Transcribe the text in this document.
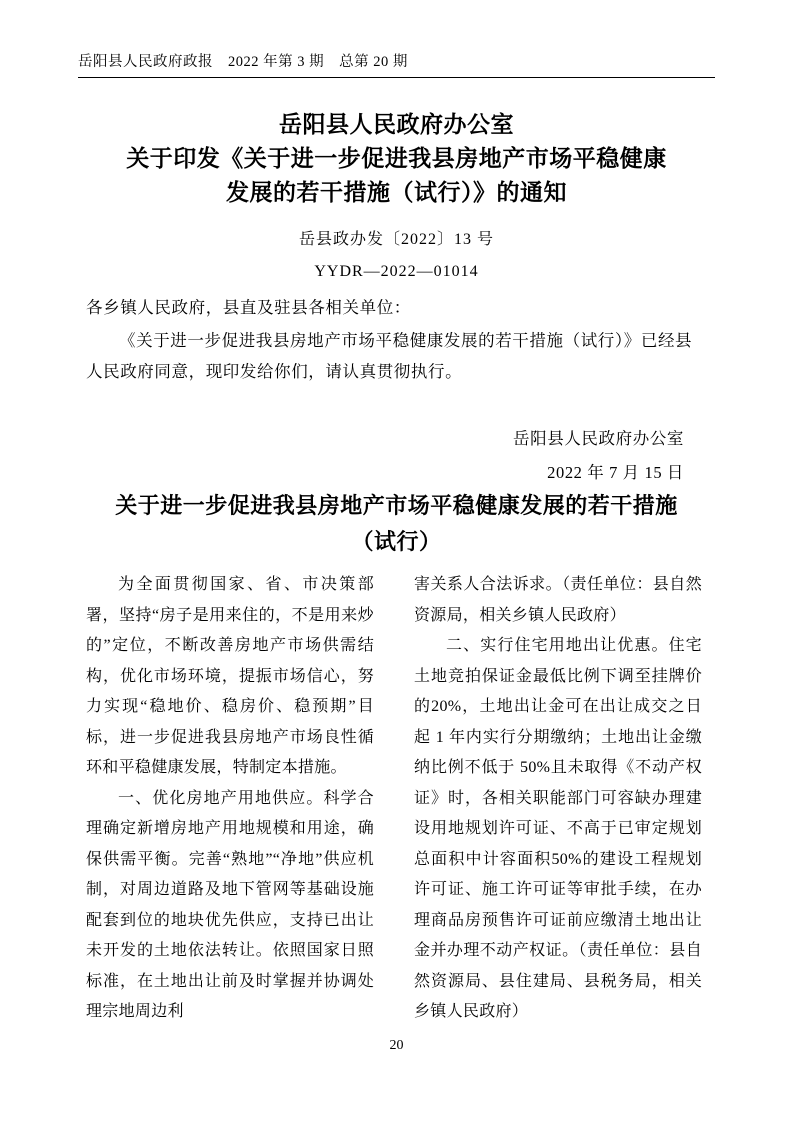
岳阳县人民政府政报　2022 年第 3 期　总第 20 期
岳阳县人民政府办公室
关于印发《关于进一步促进我县房地产市场平稳健康
发展的若干措施（试行）》的通知
岳县政办发〔2022〕13 号
YYDR—2022—01014

各乡镇人民政府，县直及驻县各相关单位：

《关于进一步促进我县房地产市场平稳健康发展的若干措施（试行）》已经县人民政府同意，现印发给你们，请认真贯彻执行。

岳阳县人民政府办公室
2022 年 7 月 15 日
关于进一步促进我县房地产市场平稳健康发展的若干措施
（试行）

为全面贯彻国家、省、市决策部署，坚持“房子是用来住的，不是用来炒的”定位，不断改善房地产市场供需结构，优化市场环境，提振市场信心，努力实现“稳地价、稳房价、稳预期”目标，进一步促进我县房地产市场良性循环和平稳健康发展，特制定本措施。

一、优化房地产用地供应。科学合理确定新增房地产用地规模和用途，确保供需平衡。完善“熟地”“净地”供应机制，对周边道路及地下管网等基础设施配套到位的地块优先供应，支持已出让未开发的土地依法转让。依照国家日照标准，在土地出让前及时掌握并协调处理宗地周边利

害关系人合法诉求。（责任单位：县自然资源局，相关乡镇人民政府）

二、实行住宅用地出让优惠。住宅土地竞拍保证金最低比例下调至挂牌价的20%，土地出让金可在出让成交之日起 1 年内实行分期缴纳；土地出让金缴纳比例不低于 50%且未取得《不动产权证》时，各相关职能部门可容缺办理建设用地规划许可证、不高于已审定规划总面积中计容面积50%的建设工程规划许可证、施工许可证等审批手续，在办理商品房预售许可证前应缴清土地出让金并办理不动产权证。（责任单位：县自然资源局、县住建局、县税务局，相关乡镇人民政府）

20
